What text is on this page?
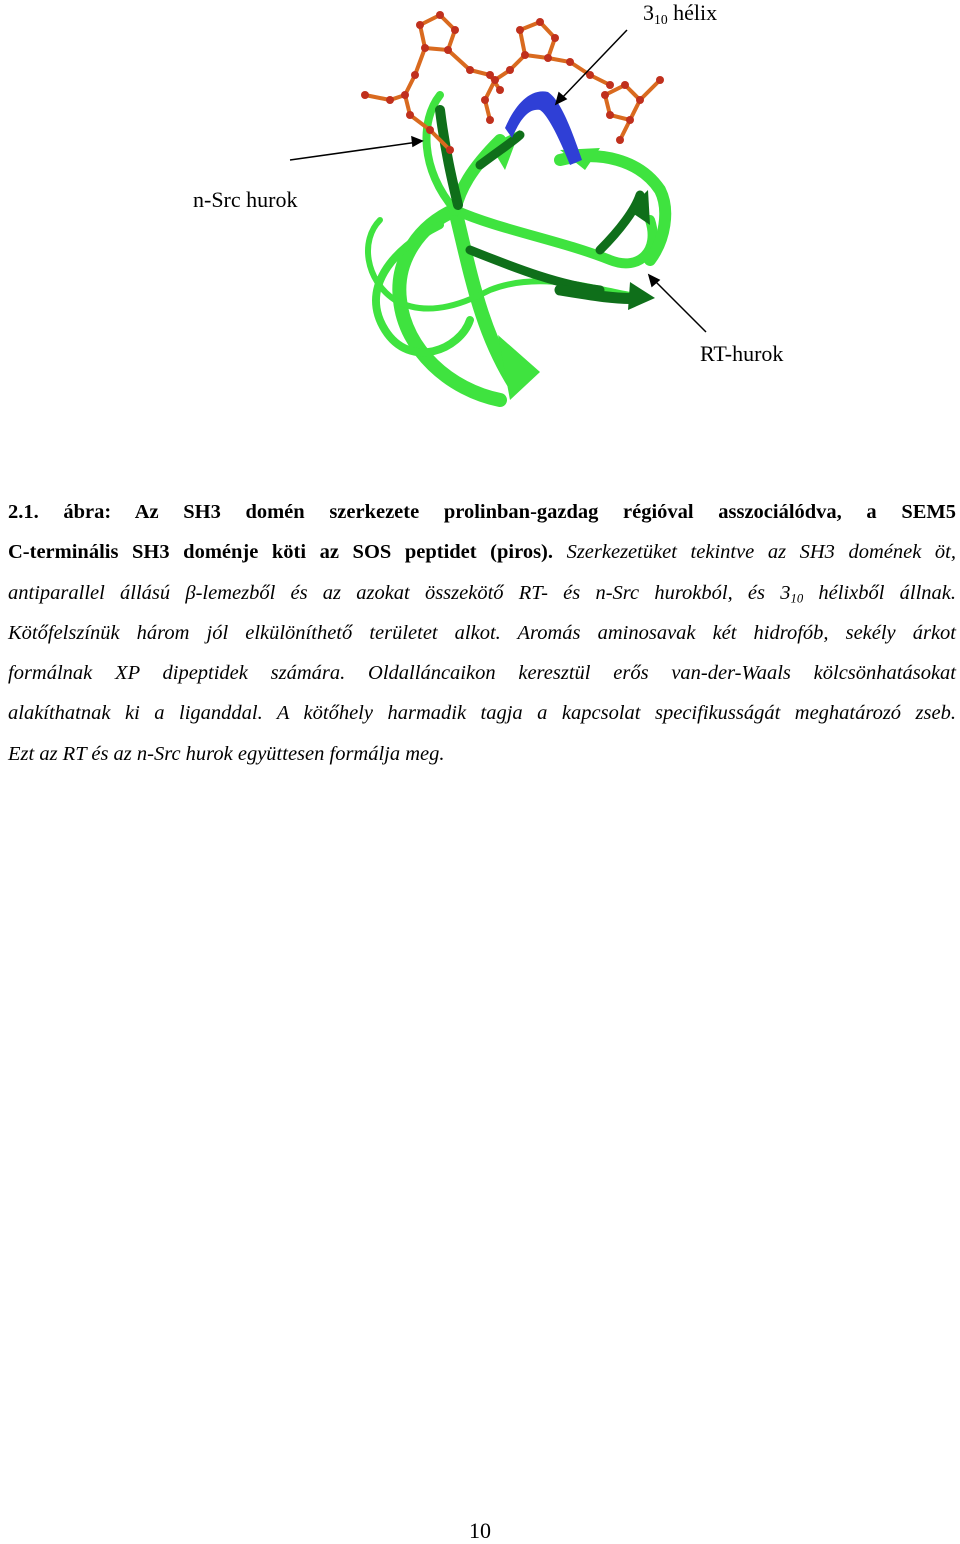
$3_{10}$ hélix
n-Src hurok
RT-hurok
2.1. ábra: Az SH3 domén szerkezete prolinban-gazdag régióval asszociálódva, a SEM5
C-terminális SH3 doménje köti az SOS peptidet (piros). Szerkezetüket tekintve az SH3 domének öt,
antiparallel állású β-lemezből és az azokat összekötő RT- és n-Src hurokból, és $3_{10}$ hélixből állnak.
Kötőfelszínük három jól elkülöníthető területet alkot. Aromás aminosavak két hidrofób, sekély árkot
formálnak XP dipeptidek számára. Oldalláncaikon keresztül erős van-der-Waals kölcsönhatásokat
alakíthatnak ki a liganddal. A kötőhely harmadik tagja a kapcsolat specifikusságát meghatározó zseb.
Ezt az RT és az n-Src hurok együttesen formálja meg.
10
